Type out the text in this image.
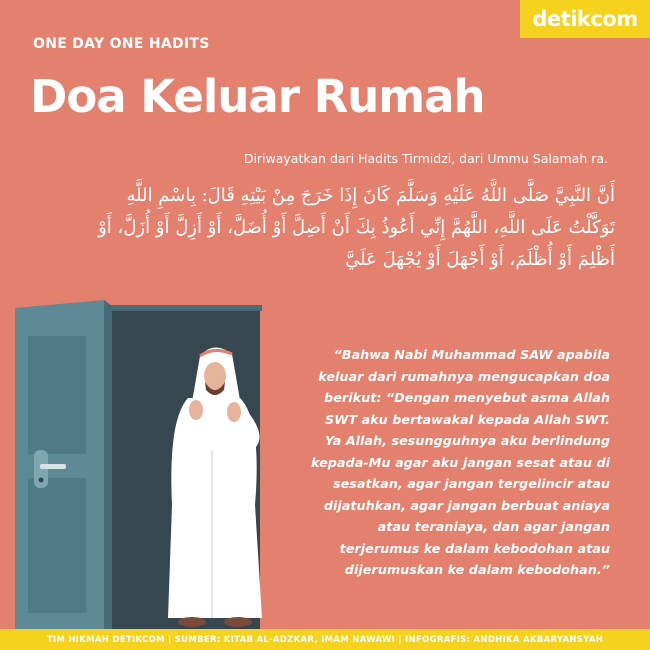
detik com
ONE DAY ONE HADITS
Doa Keluar Rumah
Diriwayatkan dari Hadits Tirmidzi, dari Ummu Salamah ra.
أَنَّ النَّبِيَّ صَلَّى اللَّهُ عَلَيْهِ وَسَلَّمَ كَانَ إِذَا خَرَجَ مِنْ بَيْتِهِ قَالَ: بِاسْمِ اللَّهِ تَوَكَّلْتُ عَلَى اللَّهِ، اللَّهُمَّ إِنِّي أَعُوذُ بِكَ أَنْ أَضِلَّ أَوْ أُضَلَّ، أَوْ أَزِلَّ أَوْ أُزَلَّ، أَوْ أَظْلِمَ أَوْ أُظْلَمَ، أَوْ أَجْهَلَ أَوْ يُجْهَلَ عَلَيَّ
“Bahwa Nabi Muhammad SAW apabila keluar dari rumahnya mengucapkan doa berikut: “Dengan menyebut asma Allah SWT aku bertawakal kepada Allah SWT. Ya Allah, sesungguhnya aku berlindung kepada-Mu agar aku jangan sesat atau di sesatkan, agar jangan tergelincir atau dijatuhkan, agar jangan berbuat aniaya atau teraniaya, dan agar jangan terjerumus ke dalam kebodohan atau dijerumuskan ke dalam kebodohan.”
TIM HIKMAH DETIKCOM | SUMBER: KITAB AL-ADZKAR, IMAM NAWAWI | INFOGRAFIS: ANDHIKA AKBARYANSYAH
